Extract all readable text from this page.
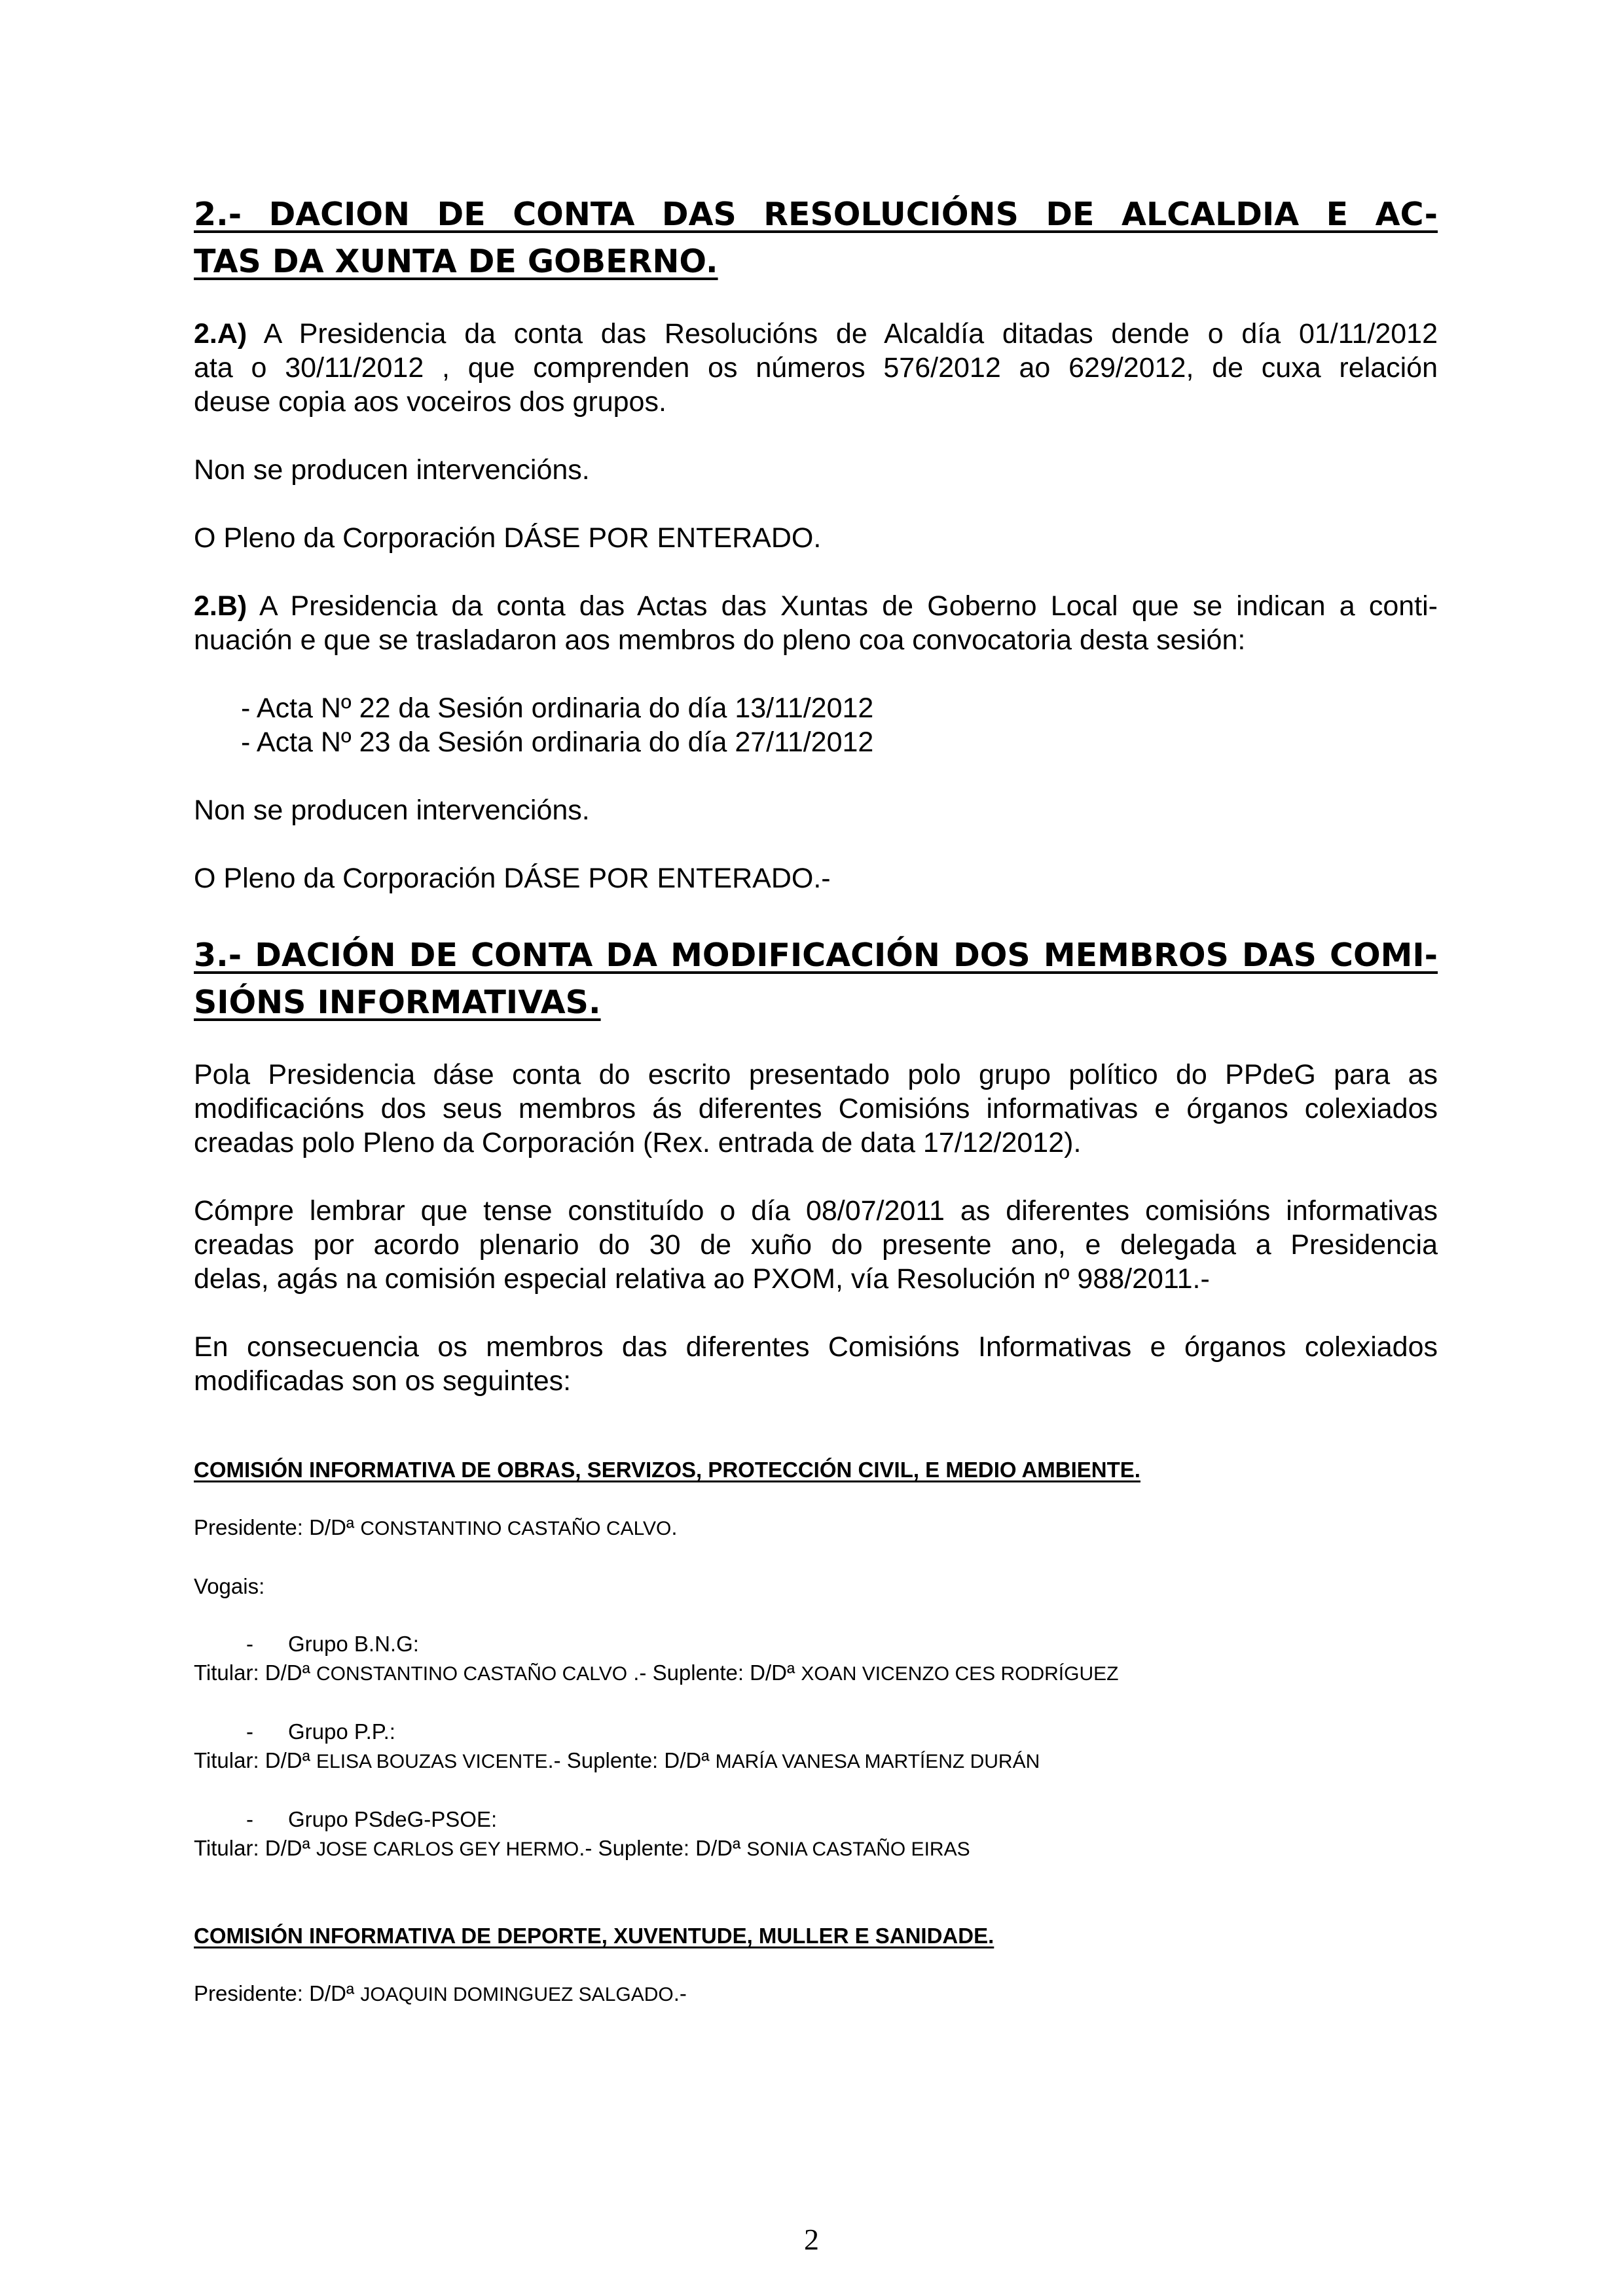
2.- DACION DE CONTA DAS RESOLUCIÓNS DE ALCALDIA E AC-
TAS DA XUNTA DE GOBERNO.

2.A) A Presidencia da conta das Resolucións de Alcaldía ditadas dende o día 01/11/2012
ata o 30/11/2012 , que comprenden os números 576/2012 ao 629/2012, de cuxa relación
deuse copia aos voceiros dos grupos.

Non se producen intervencións.

O Pleno da Corporación DÁSE POR ENTERADO.

2.B) A Presidencia da conta das Actas das Xuntas de Goberno Local que se indican a conti-
nuación e que se trasladaron aos membros do pleno coa convocatoria desta sesión:

- Acta Nº 22 da Sesión ordinaria do día 13/11/2012
- Acta Nº 23 da Sesión ordinaria do día 27/11/2012

Non se producen intervencións.

O Pleno da Corporación DÁSE POR ENTERADO.-

3.- DACIÓN DE CONTA DA MODIFICACIÓN DOS MEMBROS DAS COMI-
SIÓNS INFORMATIVAS.

Pola Presidencia dáse conta do escrito presentado polo grupo político do PPdeG para as
modificacións dos seus membros ás diferentes Comisións informativas e órganos colexiados
creadas polo Pleno da Corporación (Rex. entrada de data 17/12/2012).

Cómpre lembrar que tense constituído o día 08/07/2011 as diferentes comisións informativas
creadas por acordo plenario do 30 de xuño do presente ano, e delegada a Presidencia
delas, agás na comisión especial relativa ao PXOM, vía Resolución nº 988/2011.-

En consecuencia os membros das diferentes Comisións Informativas e órganos colexiados
modificadas son os seguintes:

COMISIÓN INFORMATIVA DE OBRAS, SERVIZOS, PROTECCIÓN CIVIL, E MEDIO AMBIENTE.

Presidente: D/Dª CONSTANTINO CASTAÑO CALVO.

Vogais:

- Grupo B.N.G:

Titular: D/Dª CONSTANTINO CASTAÑO CALVO .- Suplente: D/Dª XOAN VICENZO CES RODRÍGUEZ

- Grupo P.P.:

Titular: D/Dª ELISA BOUZAS VICENTE.- Suplente: D/Dª MARÍA VANESA MARTÍENZ DURÁN

- Grupo PSdeG-PSOE:

Titular: D/Dª JOSE CARLOS GEY HERMO.- Suplente: D/Dª SONIA CASTAÑO EIRAS

COMISIÓN INFORMATIVA DE DEPORTE, XUVENTUDE, MULLER E SANIDADE.

Presidente: D/Dª JOAQUIN DOMINGUEZ SALGADO.-

2
